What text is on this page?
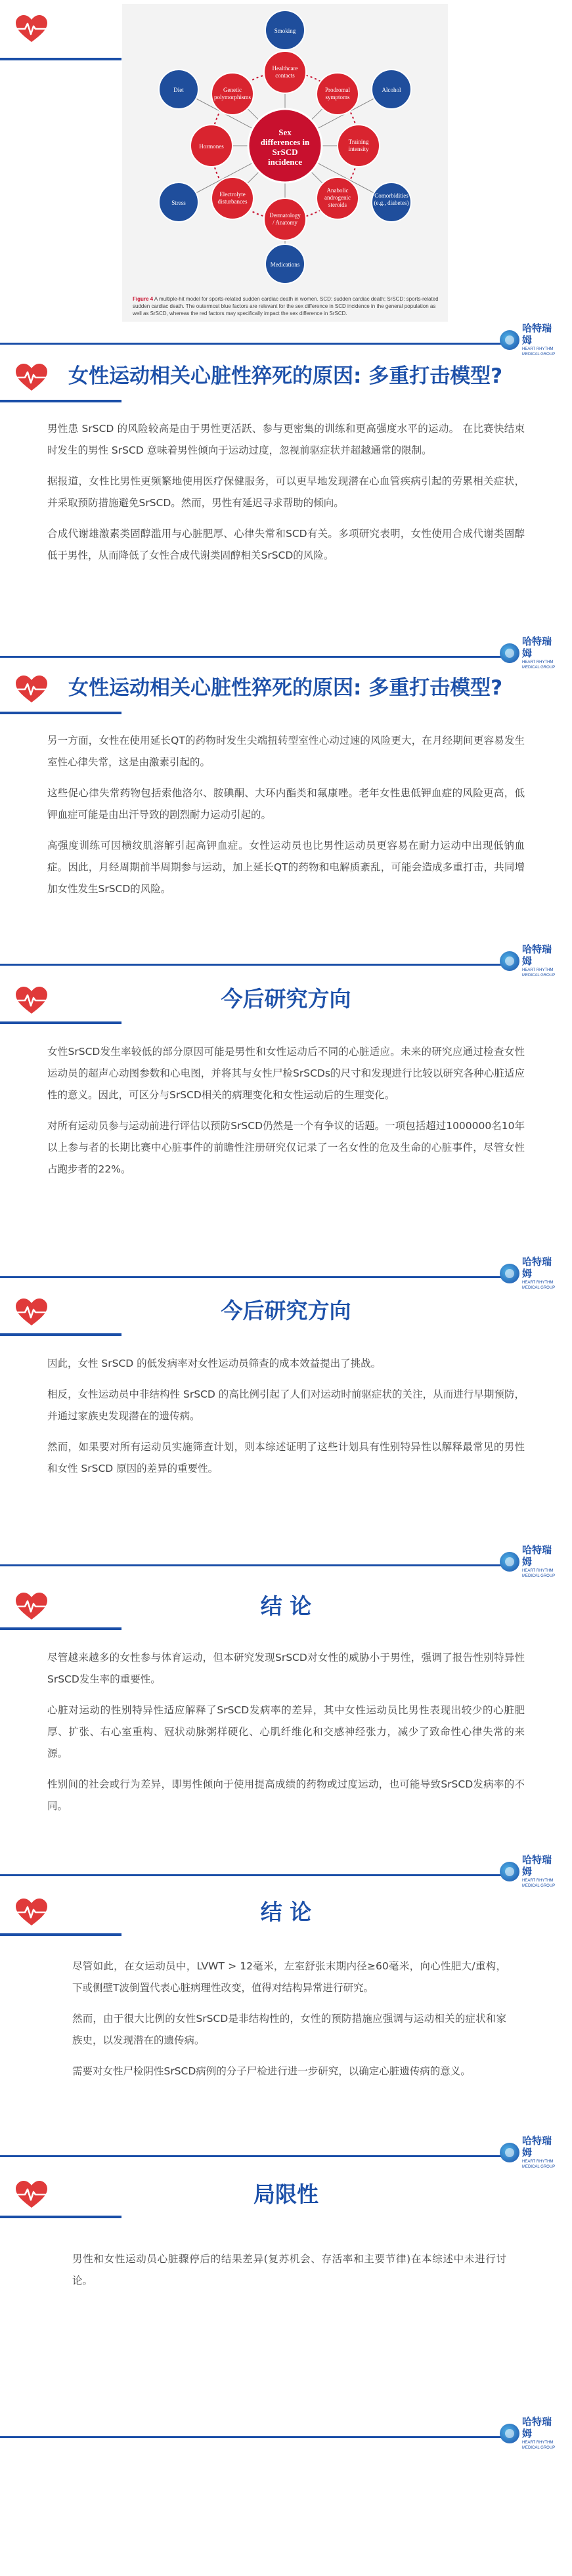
Sex
differences in
SrSCD
incidence
Healthcare
contacts
Prodromal
symptoms
Training
intensity
Anabolic
androgenic
steroids
Dermatology
/ Anatomy
Electrolyte
disturbances
Hormones
Genetic
polymorphisms
Smoking
Alcohol
Comorbidities
(e.g., diabetes)
Medications
Stress
Diet
Figure 4 A multiple-hit model for sports-related sudden cardiac death in women. SCD: sudden cardiac death; SrSCD: sports-related sudden cardiac death. The outermost blue factors are relevant for the sex difference in SCD incidence in the general population as well as SrSCD, whereas the red factors may specifically impact the sex difference in SrSCD.
哈特瑞姆
HEART RHYTHM MEDICAL GROUP
女性运动相关心脏性猝死的原因: 多重打击模型?

男性患 SrSCD 的风险较高是由于男性更活跃、参与更密集的训练和更高强度水平的运动。 在比赛快结束时发生的男性 SrSCD 意味着男性倾向于运动过度，忽视前驱症状并超越通常的限制。

据报道，女性比男性更频繁地使用医疗保健服务，可以更早地发现潜在心血管疾病引起的劳累相关症状，并采取预防措施避免SrSCD。然而，男性有延迟寻求帮助的倾向。

合成代谢雄激素类固醇滥用与心脏肥厚、心律失常和SCD有关。多项研究表明，女性使用合成代谢类固醇低于男性，从而降低了女性合成代谢类固醇相关SrSCD的风险。

哈特瑞姆
HEART RHYTHM MEDICAL GROUP
女性运动相关心脏性猝死的原因: 多重打击模型?

另一方面，女性在使用延长QT的药物时发生尖端扭转型室性心动过速的风险更大，在月经期间更容易发生室性心律失常，这是由激素引起的。

这些促心律失常药物包括索他洛尔、胺碘酮、大环内酯类和氟康唑。老年女性患低钾血症的风险更高，低钾血症可能是由出汗导致的剧烈耐力运动引起的。

高强度训练可因横纹肌溶解引起高钾血症。女性运动员也比男性运动员更容易在耐力运动中出现低钠血症。因此，月经周期前半周期参与运动，加上延长QT的药物和电解质紊乱，可能会造成多重打击，共同增加女性发生SrSCD的风险。

哈特瑞姆
HEART RHYTHM MEDICAL GROUP
今后研究方向

女性SrSCD发生率较低的部分原因可能是男性和女性运动后不同的心脏适应。未来的研究应通过检查女性运动员的超声心动图参数和心电图，并将其与女性尸检SrSCDs的尺寸和发现进行比较以研究各种心脏适应性的意义。因此，可区分与SrSCD相关的病理变化和女性运动后的生理变化。

对所有运动员参与运动前进行评估以预防SrSCD仍然是一个有争议的话题。一项包括超过1000000名10年以上参与者的长期比赛中心脏事件的前瞻性注册研究仅记录了一名女性的危及生命的心脏事件，尽管女性占跑步者的22%。

哈特瑞姆
HEART RHYTHM MEDICAL GROUP
今后研究方向

因此，女性 SrSCD 的低发病率对女性运动员筛查的成本效益提出了挑战。

相反，女性运动员中非结构性 SrSCD 的高比例引起了人们对运动时前驱症状的关注，从而进行早期预防，并通过家族史发现潜在的遗传病。

然而，如果要对所有运动员实施筛查计划，则本综述证明了这些计划具有性别特异性以解释最常见的男性和女性 SrSCD 原因的差异的重要性。

哈特瑞姆
HEART RHYTHM MEDICAL GROUP
结 论

尽管越来越多的女性参与体育运动，但本研究发现SrSCD对女性的威胁小于男性，强调了报告性别特异性SrSCD发生率的重要性。

心脏对运动的性别特异性适应解释了SrSCD发病率的差异，其中女性运动员比男性表现出较少的心脏肥厚、扩张、右心室重构、冠状动脉粥样硬化、心肌纤维化和交感神经张力，减少了致命性心律失常的来源。

性别间的社会或行为差异，即男性倾向于使用提高成绩的药物或过度运动，也可能导致SrSCD发病率的不同。

哈特瑞姆
HEART RHYTHM MEDICAL GROUP
结 论

尽管如此，在女运动员中，LVWT > 12毫米，左室舒张末期内径≥60毫米，向心性肥大/重构，下或侧壁T波倒置代表心脏病理性改变，值得对结构异常进行研究。

然而，由于很大比例的女性SrSCD是非结构性的，女性的预防措施应强调与运动相关的症状和家族史，以发现潜在的遗传病。

需要对女性尸检阴性SrSCD病例的分子尸检进行进一步研究，以确定心脏遗传病的意义。

哈特瑞姆
HEART RHYTHM MEDICAL GROUP
局限性

男性和女性运动员心脏骤停后的结果差异(复苏机会、存活率和主要节律)在本综述中未进行讨论。

哈特瑞姆
HEART RHYTHM MEDICAL GROUP
